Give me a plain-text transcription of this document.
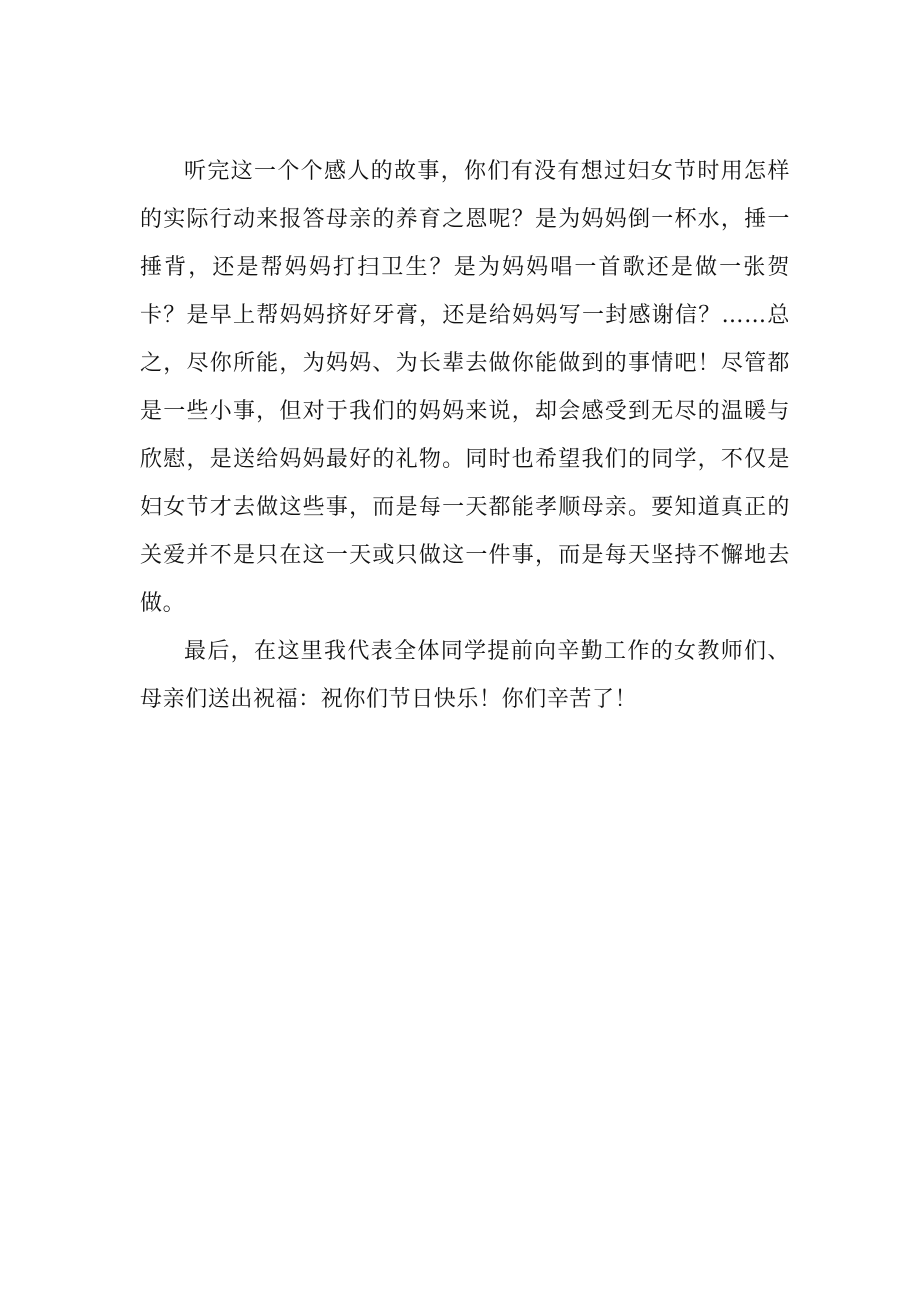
听完这一个个感人的故事，你们有没有想过妇女节时用怎样的实际行动来报答母亲的养育之恩呢？是为妈妈倒一杯水，捶一捶背，还是帮妈妈打扫卫生？是为妈妈唱一首歌还是做一张贺卡？是早上帮妈妈挤好牙膏，还是给妈妈写一封感谢信？……总之，尽你所能，为妈妈、为长辈去做你能做到的事情吧！尽管都是一些小事，但对于我们的妈妈来说，却会感受到无尽的温暖与欣慰，是送给妈妈最好的礼物。同时也希望我们的同学，不仅是妇女节才去做这些事，而是每一天都能孝顺母亲。要知道真正的关爱并不是只在这一天或只做这一件事，而是每天坚持不懈地去做。

最后，在这里我代表全体同学提前向辛勤工作的女教师们、母亲们送出祝福：祝你们节日快乐！你们辛苦了！
